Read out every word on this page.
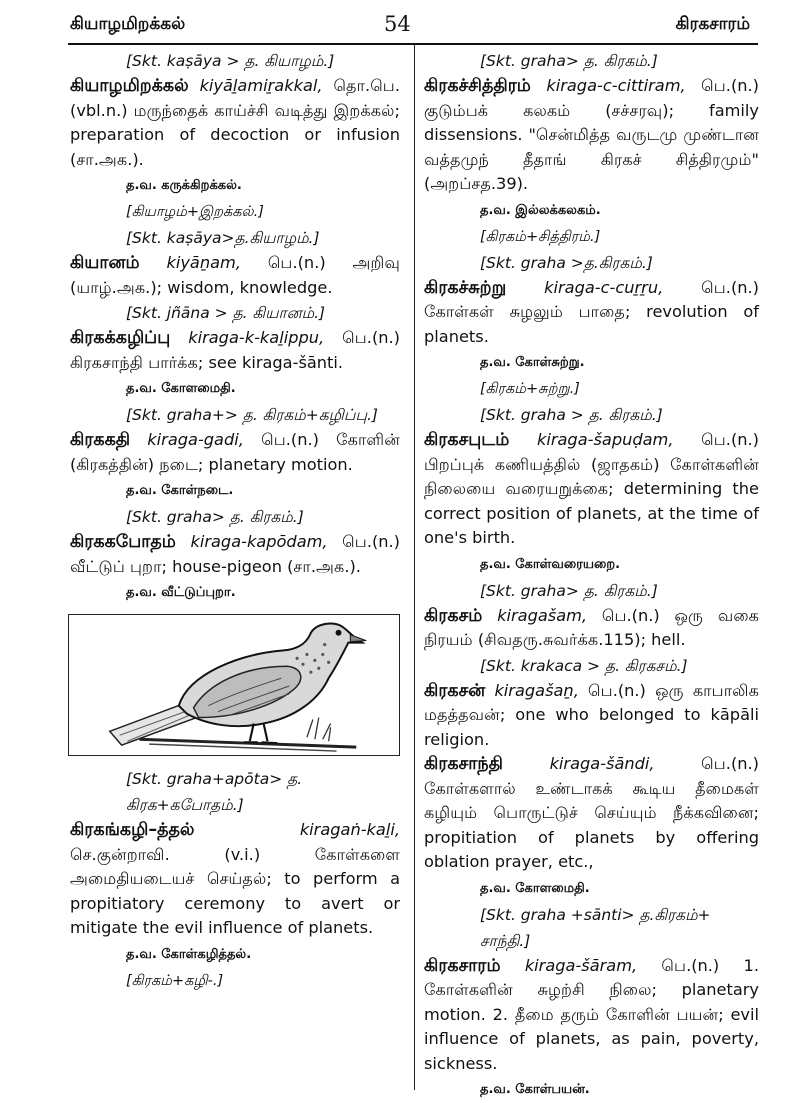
கியாழமிறக்கல்	54	கிரகசாரம்

[Skt. kaṣāya > த. கியாழம்.]

கியாழமிறக்கல் kiyāḻamiṟakkal, தொ.பெ. (vbl.n.) மருந்தைக் காய்ச்சி வடித்து இறக்கல்; preparation of decoction or infusion (சா.அக.).

த.வ. கருக்கிறக்கல்.

[கியாழம்+இறக்கல்.]

[Skt. kaṣāya>த.கியாழம்.]

கியானம் kiyāṉam, பெ.(n.) அறிவு (யாழ்.அக.); wisdom, knowledge.

[Skt. jñāna > த. கியானம்.]

கிரகக்கழிப்பு kiraga-k-kaḻippu, பெ.(n.) கிரகசாந்தி பார்க்க; see kiraga-šānti.

த.வ. கோளமைதி.

[Skt. graha+> த. கிரகம்+கழிப்பு.]

கிரககதி kiraga-gadi, பெ.(n.) கோளின் (கிரகத்தின்) நடை; planetary motion.

த.வ. கோள்நடை.

[Skt. graha> த. கிரகம்.]

கிரககபோதம் kiraga-kapōdam, பெ.(n.) வீட்டுப் புறா; house-pigeon (சா.அக.).

த.வ. வீட்டுப்புறா.

[Skt. graha+apōta> த. கிரக+கபோதம்.]

கிரகங்கழி–த்தல்	kiragaṅ-kaḻi, செ.குன்றாவி. (v.i.) கோள்களை அமைதியடையச் செய்தல்; to perform a propitiatory ceremony to avert or mitigate the evil influence of planets.

த.வ. கோள்கழித்தல்.

[கிரகம்+கழி-.]

[Skt. graha> த. கிரகம்.]

கிரகச்சித்திரம் kiraga-c-cittiram, பெ.(n.) குடும்பக் கலகம் (சச்சரவு); family dissensions. "சென்மித்த வருடமு முண்டான வத்தமுந் தீதாங் கிரகச் சித்திரமும்" (அறப்சத.39).

த.வ. இல்லக்கலகம்.

[கிரகம்+சித்திரம்.]

[Skt. graha >த.கிரகம்.]

கிரகச்சுற்று kiraga-c-cuṟṟu, பெ.(n.) கோள்கள் சுழலும் பாதை; revolution of planets.

த.வ. கோள்சுற்று.

[கிரகம்+சுற்று.]

[Skt. graha > த. கிரகம்.]

கிரகசபுடம் kiraga-šapuḍam, பெ.(n.) பிறப்புக் கணியத்தில் (ஜாதகம்) கோள்களின் நிலையை வரையறுக்கை; determining the correct position of planets, at the time of one's birth.

த.வ. கோள்வரையறை.

[Skt. graha> த. கிரகம்.]

கிரகசம் kiragašam, பெ.(n.) ஒரு வகை நிரயம் (சிவதரு.சுவர்க்க.115); hell.

[Skt. krakaca > த. கிரகசம்.]

கிரகசன் kiragašaṉ, பெ.(n.) ஒரு காபாலிக மதத்தவன்; one who belonged to kāpāli religion.

கிரகசாந்தி	kiraga-šāndi,	பெ.(n.) கோள்களால் உண்டாகக் கூடிய தீமைகள் கழியும் பொருட்டுச் செய்யும் நீக்கவினை; propitiation of planets by offering oblation prayer, etc.,

த.வ. கோளமைதி.

[Skt. graha +sānti> த.கிரகம்+ சாந்தி.]

கிரகசாரம் kiraga-šāram, பெ.(n.) 1. கோள்களின் சுழற்சி நிலை; planetary motion. 2. தீமை தரும் கோளின் பயன்; evil influence of planets, as pain, poverty, sickness.

த.வ. கோள்பயன்.
